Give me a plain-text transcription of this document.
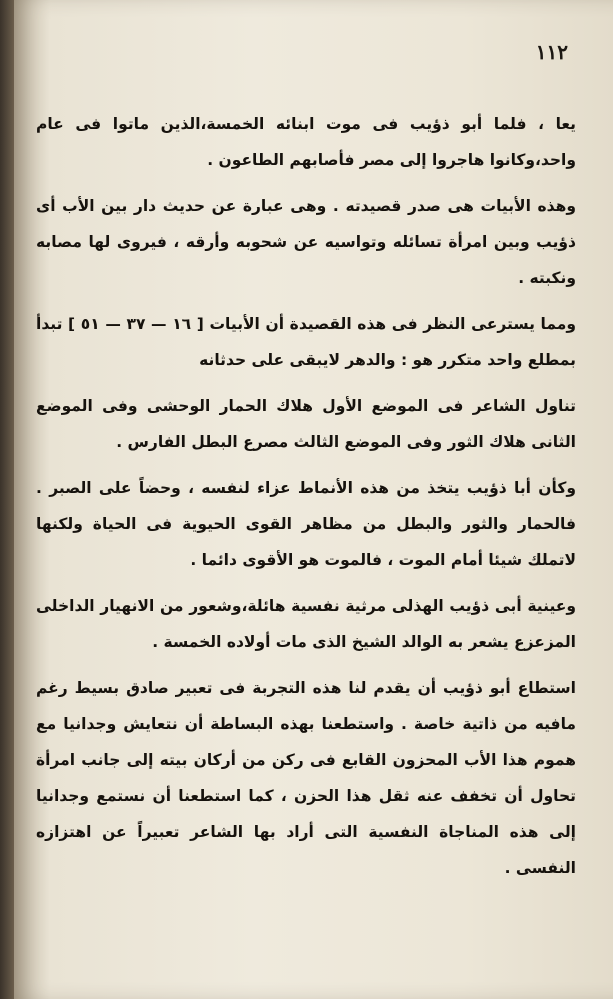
١١٢

يعا ، فلما أبو ذؤيب فى موت ابنائه الخمسة،الذين ماتوا فى عام واحد،وكانوا هاجروا إلى مصر فأصابهم الطاعون .

وهذه الأبيات هى صدر قصيدته . وهى عبارة عن حديث دار بين الأب أى ذؤيب وبين امرأة تسائله وتواسيه عن شحوبه وأرقه ، فيروى لها مصابه ونكبته .

ومما يسترعى النظر فى هذه القصيدة أن الأبيات [ ١٦ — ٣٧ — ٥١ ] تبدأ بمطلع واحد متكرر هو : والدهر لايبقى على حدثانه

تناول الشاعر فى الموضع الأول هلاك الحمار الوحشى وفى الموضع الثانى هلاك الثور وفى الموضع الثالث مصرع البطل الفارس .

وكأن أبا ذؤيب يتخذ من هذه الأنماط عزاء لنفسه ، وحضاً على الصبر . فالحمار والثور والبطل من مظاهر القوى الحيوية فى الحياة ولكنها لاتملك شيئا أمام الموت ، فالموت هو الأقوى دائما .

وعينية أبى ذؤيب الهذلى مرثية نفسية هائلة،وشعور من الانهيار الداخلى المزعزع يشعر به الوالد الشيخ الذى مات أولاده الخمسة .

استطاع أبو ذؤيب أن يقدم لنا هذه التجربة فى تعبير صادق بسيط رغم مافيه من ذاتية خاصة . واستطعنا بهذه البساطة أن نتعايش وجدانيا مع هموم هذا الأب المحزون القابع فى ركن من أركان بيته إلى جانب امرأة تحاول أن تخفف عنه ثقل هذا الحزن ، كما استطعنا أن نستمع وجدانيا إلى هذه المناجاة النفسية التى أراد بها الشاعر تعبيراً عن اهتزازه النفسى .
